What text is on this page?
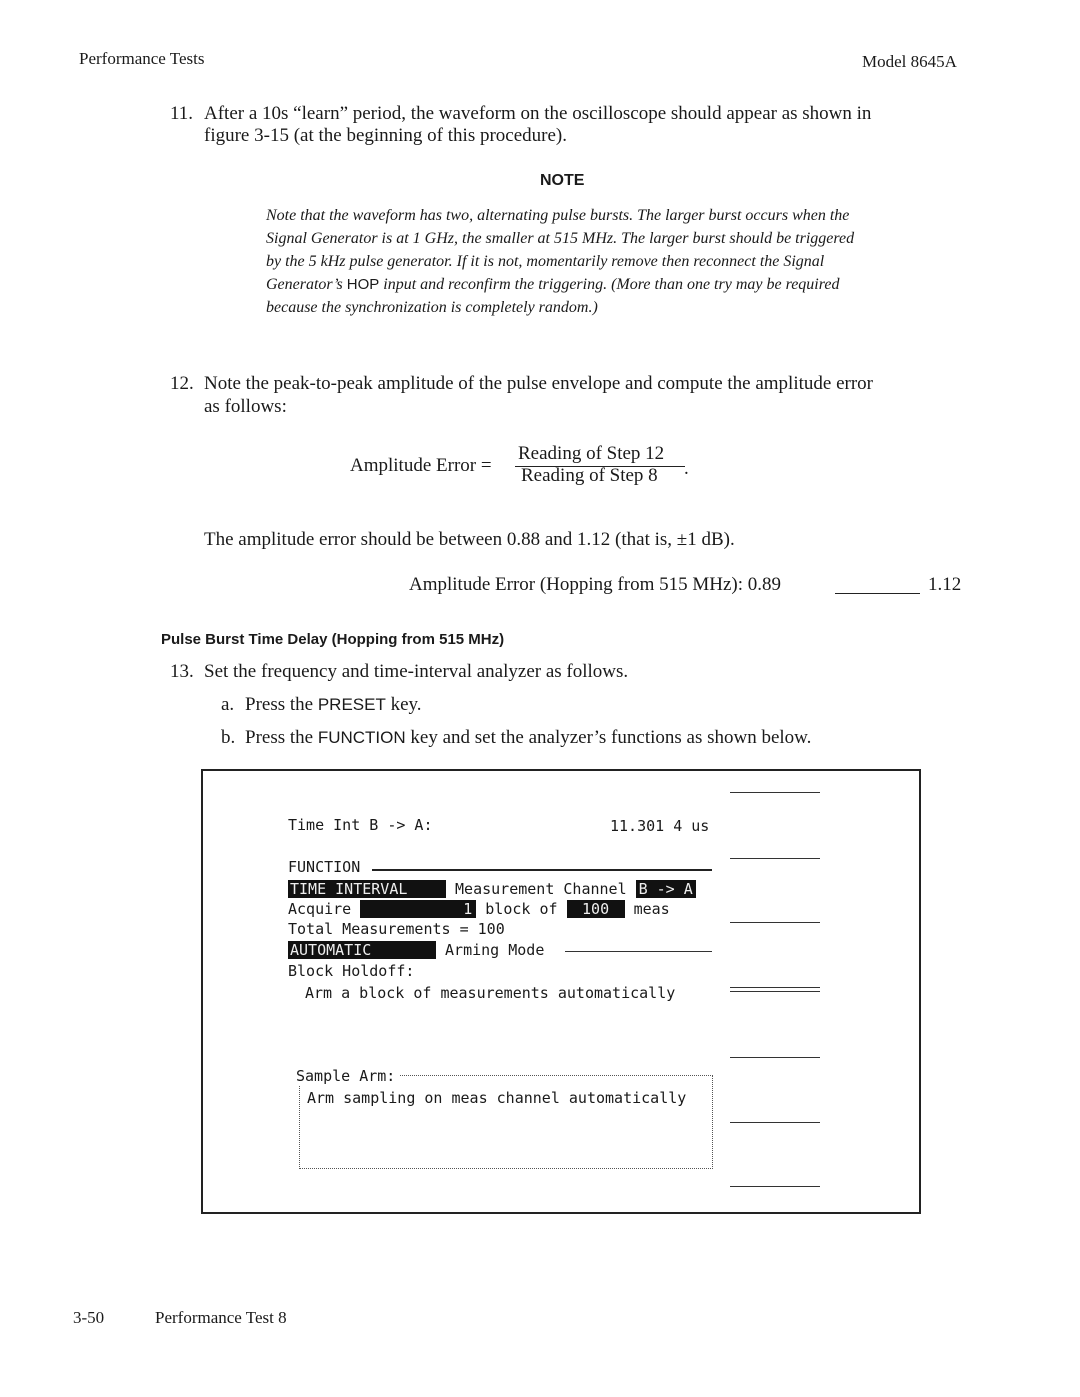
Performance Tests	Model 8645A
11. After a 10s “learn” period, the waveform on the oscilloscope should appear as shown in
figure 3-15 (at the beginning of this procedure).
NOTE
Note that the waveform has two, alternating pulse bursts. The larger burst occurs when the Signal Generator is at 1 GHz, the smaller at 515 MHz. The larger burst should be triggered by the 5 kHz pulse generator. If it is not, momentarily remove then reconnect the Signal Generator’s HOP input and reconfirm the triggering. (More than one try may be required because the synchronization is completely random.)
12. Note the peak-to-peak amplitude of the pulse envelope and compute the amplitude error
as follows:
Amplitude Error =
Reading of Step 12
Reading of Step 8 .
The amplitude error should be between 0.88 and 1.12 (that is, ±1 dB).
Amplitude Error (Hopping from 515 MHz): 0.89	1.12
Pulse Burst Time Delay (Hopping from 515 MHz)
13. Set the frequency and time-interval analyzer as follows.
a. Press the PRESET key.
b. Press the FUNCTION key and set the analyzer’s functions as shown below.
Time Int B -> A:	11.301 4 us
FUNCTION
TIME INTERVAL	Measurement Channel B -> A
Acquire	1 block of 100 meas
Total Measurements = 100
AUTOMATIC	Arming Mode
Block Holdoff:
Arm a block of measurements automatically
Sample Arm:
Arm sampling on meas channel automatically
3-50	Performance Test 8
